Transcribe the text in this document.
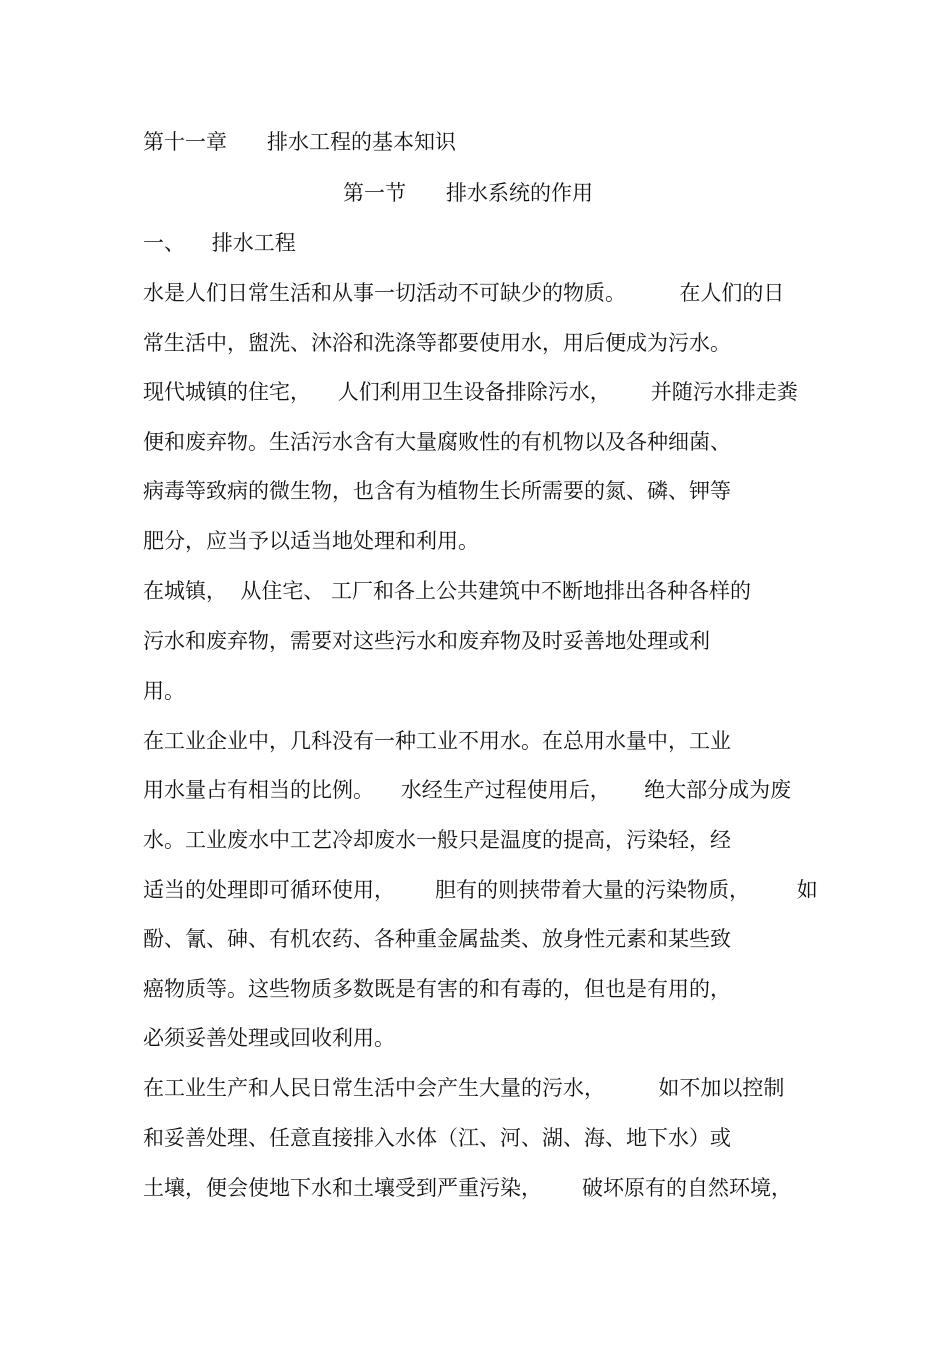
第十一章      排水工程的基本知识

第一节      排水系统的作用

一、    排水工程

水是人们日常生活和从事一切活动不可缺少的物质。        在人们的日

常生活中，盥洗、沐浴和洗涤等都要使用水，用后便成为污水。

现代城镇的住宅，    人们利用卫生设备排除污水，      并随污水排走粪

便和废弃物。生活污水含有大量腐败性的有机物以及各种细菌、

病毒等致病的微生物，也含有为植物生长所需要的氮、磷、钾等

肥分，应当予以适当地处理和利用。

在城镇，  从住宅、 工厂和各上公共建筑中不断地排出各种各样的

污水和废弃物，需要对这些污水和废弃物及时妥善地处理或利

用。

在工业企业中，几科没有一种工业不用水。在总用水量中，工业

用水量占有相当的比例。    水经生产过程使用后，     绝大部分成为废

水。工业废水中工艺冷却废水一般只是温度的提高，污染轻，经

适当的处理即可循环使用，      胆有的则挟带着大量的污染物质，       如

酚、氰、砷、有机农药、各种重金属盐类、放身性元素和某些致

癌物质等。这些物质多数既是有害的和有毒的，但也是有用的，

必须妥善处理或回收利用。

在工业生产和人民日常生活中会产生大量的污水，        如不加以控制

和妥善处理、任意直接排入水体（江、河、湖、海、地下水）或

土壤，便会使地下水和土壤受到严重污染，      破坏原有的自然环境，
